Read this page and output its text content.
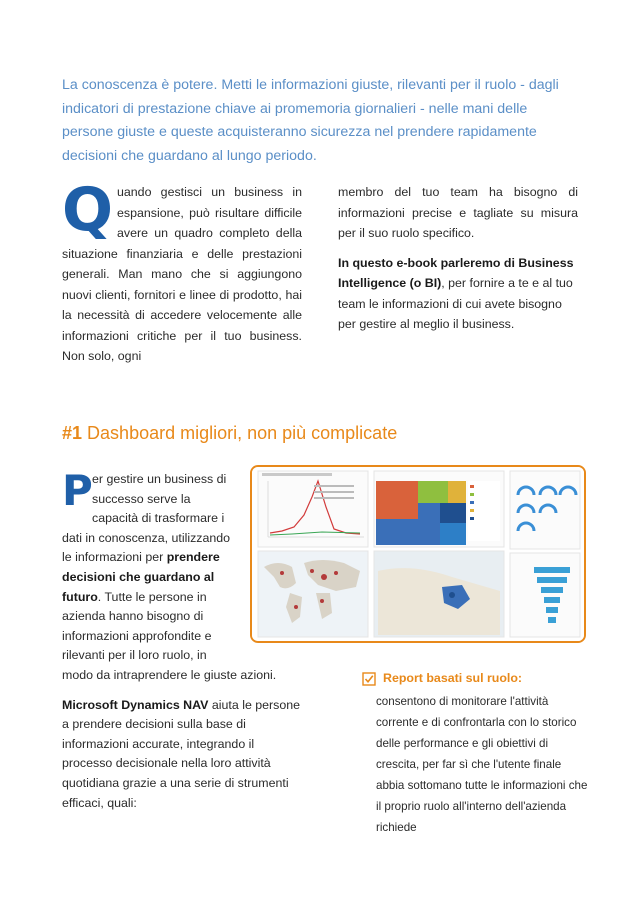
La conoscenza è potere. Metti le informazioni giuste, rilevanti per il ruolo - dagli indicatori di prestazione chiave ai promemoria giornalieri - nelle mani delle persone giuste e queste acquisteranno sicurezza nel prendere rapidamente decisioni che guardano al lungo periodo.
Q uando gestisci un business in espansione, può risultare difficile avere un quadro completo della situazione finanziaria e delle prestazioni generali. Man mano che si aggiungono nuovi clienti, fornitori e linee di prodotto, hai la necessità di accedere velocemente alle informazioni critiche per il tuo business. Non solo, ogni

membro del tuo team ha bisogno di informazioni precise e tagliate su misura per il suo ruolo specifico.

In questo e-book parleremo di Business Intelligence (o BI), per fornire a te e al tuo team le informazioni di cui avete bisogno per gestire al meglio il business.

#1 Dashboard migliori, non più complicate
P er gestire un business di successo serve la capacità di trasformare i dati in conoscenza, utilizzando le informazioni per prendere decisioni che guardano al futuro. Tutte le persone in azienda hanno bisogno di informazioni approfondite e rilevanti per il loro ruolo, in
modo da intraprendere le giuste azioni.
Microsoft Dynamics NAV aiuta le persone a prendere decisioni sulla base di informazioni accurate, integrando il processo decisionale nella loro attività quotidiana grazie a una serie di strumenti efficaci, quali:
Report basati sul ruolo:
consentono di monitorare l'attività corrente e di confrontarla con lo storico delle performance e gli obiettivi di crescita, per far sì che l'utente finale abbia sottomano tutte le informazioni che il proprio ruolo all'interno dell'azienda richiede
